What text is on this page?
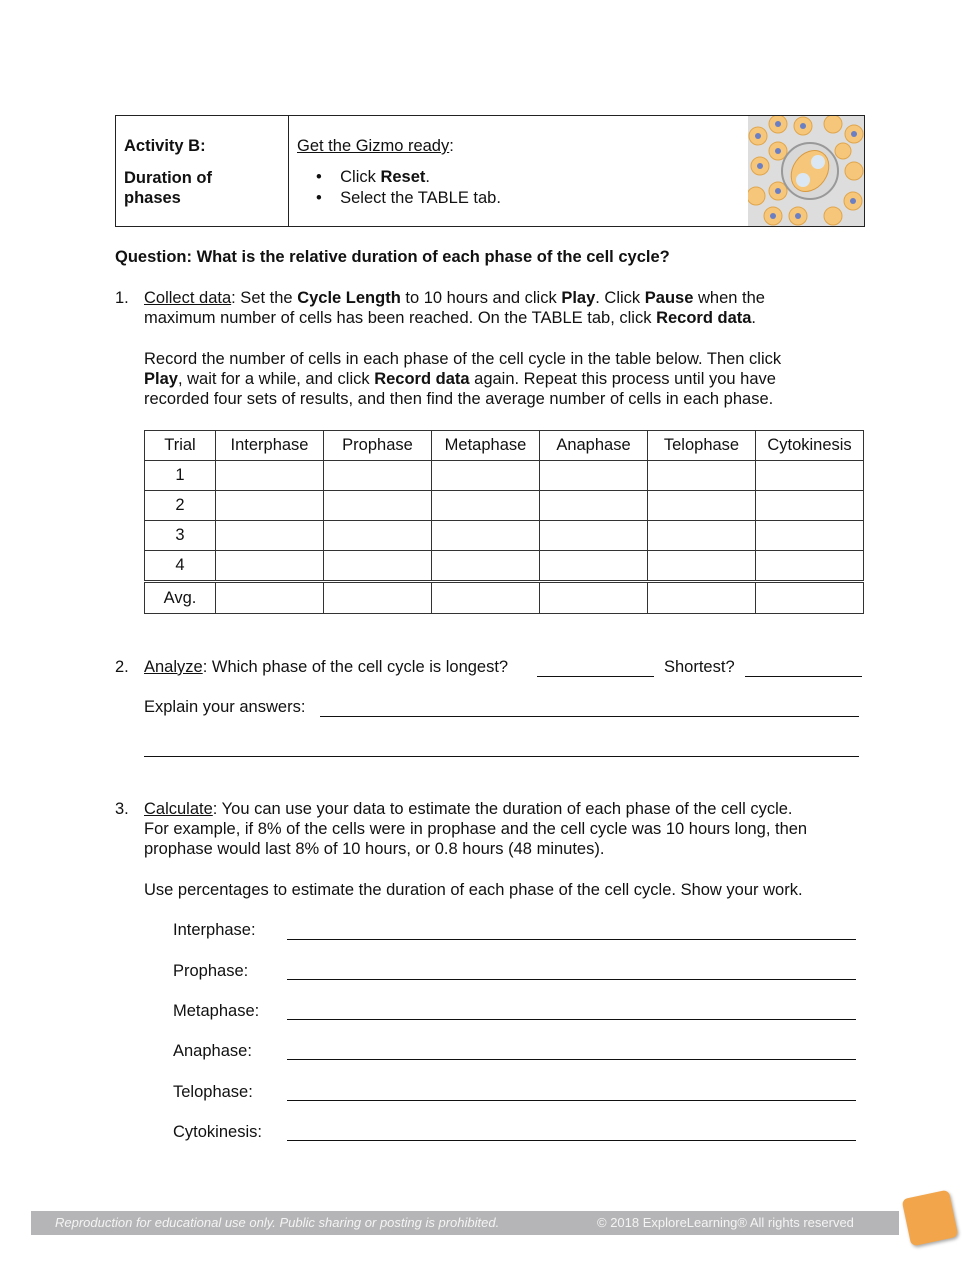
Activity B:
Duration of phases
Get the Gizmo ready:
•    Click Reset.
•    Select the TABLE tab.
Question: What is the relative duration of each phase of the cell cycle?
1. Collect data: Set the Cycle Length to 10 hours and click Play. Click Pause when the
maximum number of cells has been reached. On the TABLE tab, click Record data.
Record the number of cells in each phase of the cell cycle in the table below. Then click
Play, wait for a while, and click Record data again. Repeat this process until you have
recorded four sets of results, and then find the average number of cells in each phase.
Trial	Interphase	Prophase	Metaphase	Anaphase	Telophase	Cytokinesis
1						
2						
3						
4						
Avg.						
2. Analyze: Which phase of the cell cycle is longest?	Shortest?
Explain your answers:
3. Calculate: You can use your data to estimate the duration of each phase of the cell cycle.
For example, if 8% of the cells were in prophase and the cell cycle was 10 hours long, then
prophase would last 8% of 10 hours, or 0.8 hours (48 minutes).
Use percentages to estimate the duration of each phase of the cell cycle. Show your work.
Interphase:
Prophase:
Metaphase:
Anaphase:
Telophase:
Cytokinesis:
Reproduction for educational use only. Public sharing or posting is prohibited.	© 2018 ExploreLearning® All rights reserved
